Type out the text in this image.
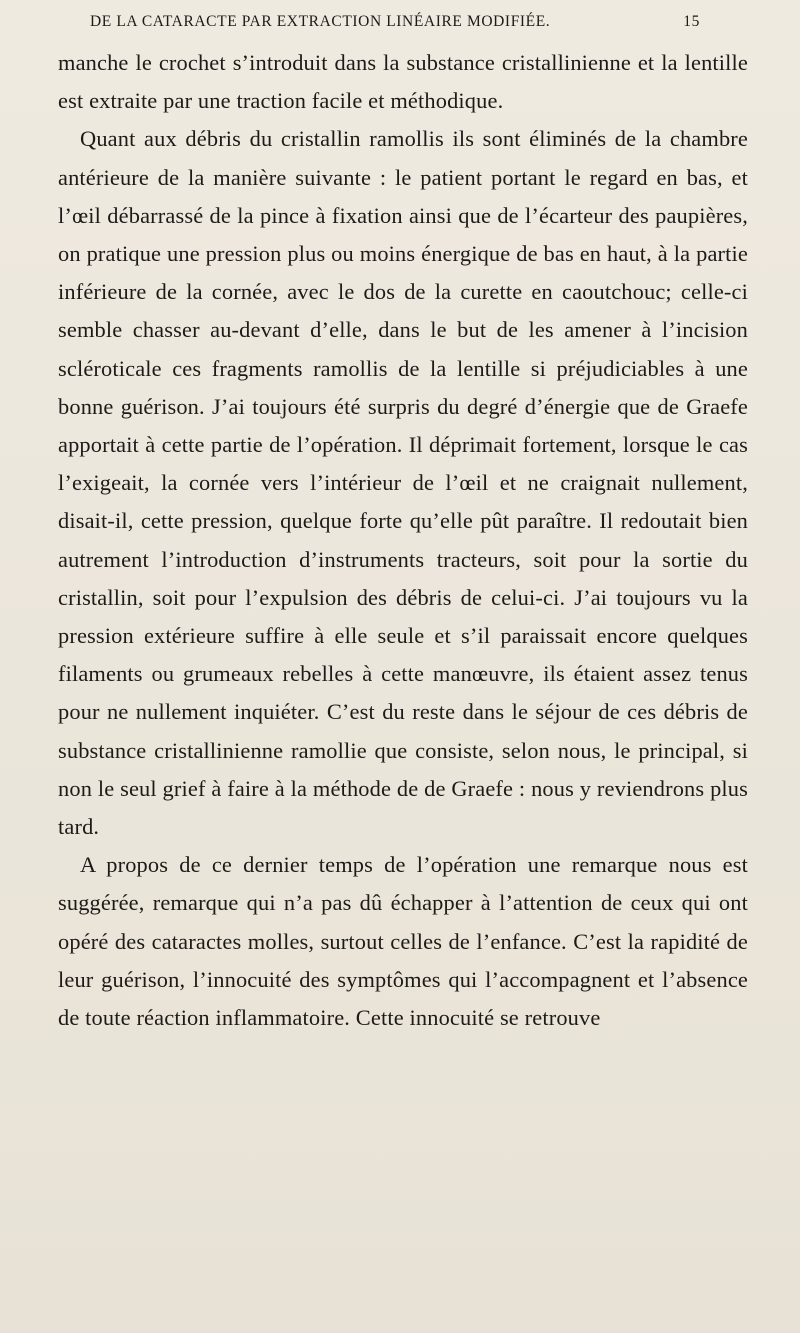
DE LA CATARACTE PAR EXTRACTION LINÉAIRE MODIFIÉE.	15

manche le crochet s’introduit dans la substance cristallinienne et la lentille est extraite par une traction facile et méthodique.

Quant aux débris du cristallin ramollis ils sont éliminés de la chambre antérieure de la manière suivante : le patient portant le regard en bas, et l’œil débarrassé de la pince à fixation ainsi que de l’écarteur des paupières, on pratique une pression plus ou moins énergique de bas en haut, à la partie inférieure de la cornée, avec le dos de la curette en caoutchouc; celle-ci semble chasser au-devant d’elle, dans le but de les amener à l’incision scléroticale ces fragments ramollis de la lentille si préjudiciables à une bonne guérison. J’ai toujours été surpris du degré d’énergie que de Graefe apportait à cette partie de l’opération. Il déprimait fortement, lorsque le cas l’exigeait, la cornée vers l’intérieur de l’œil et ne craignait nullement, disait-il, cette pression, quelque forte qu’elle pût paraître. Il redoutait bien autrement l’introduction d’instruments tracteurs, soit pour la sortie du cristallin, soit pour l’expulsion des débris de celui-ci. J’ai toujours vu la pression extérieure suffire à elle seule et s’il paraissait encore quelques filaments ou grumeaux rebelles à cette manœuvre, ils étaient assez tenus pour ne nullement inquiéter. C’est du reste dans le séjour de ces débris de substance cristallinienne ramollie que consiste, selon nous, le principal, si non le seul grief à faire à la méthode de de Graefe : nous y reviendrons plus tard.

A propos de ce dernier temps de l’opération une remarque nous est suggérée, remarque qui n’a pas dû échapper à l’attention de ceux qui ont opéré des cataractes molles, surtout celles de l’enfance. C’est la rapidité de leur guérison, l’innocuité des symptômes qui l’accompagnent et l’absence de toute réaction inflammatoire. Cette innocuité se retrouve
